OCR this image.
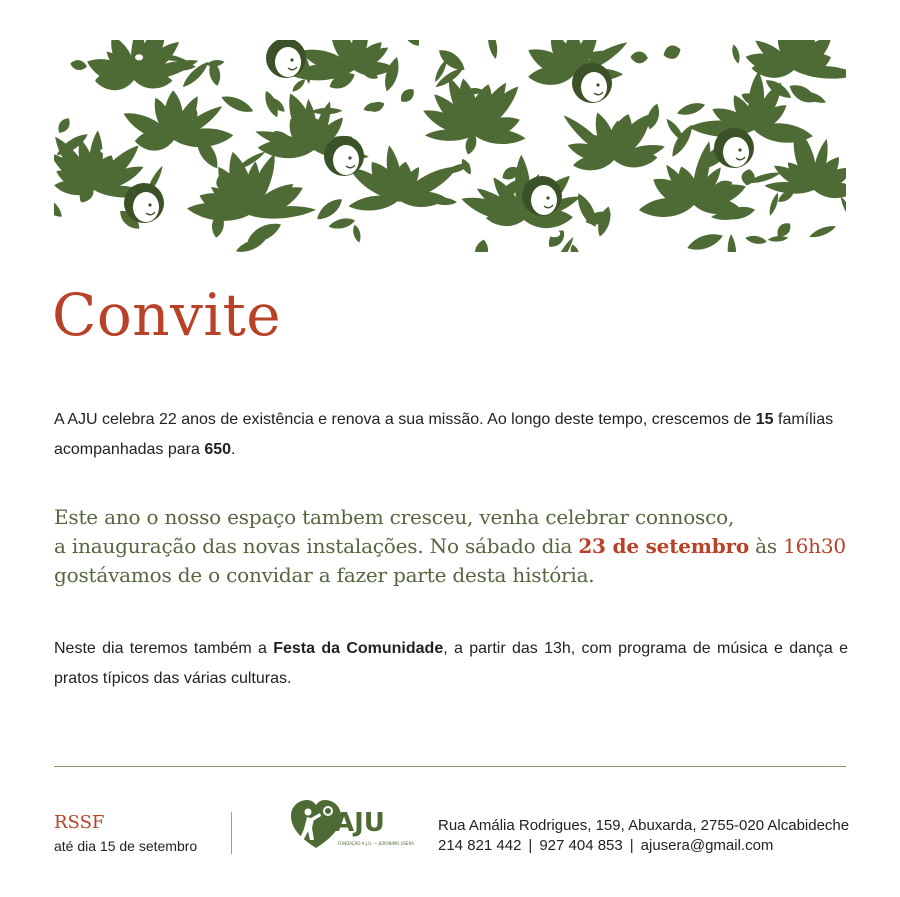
Convite

A AJU celebra 22 anos de existência e renova a sua missão. Ao longo deste tempo, crescemos de 15 famílias acompanhadas para 650.

Este ano o nosso espaço tambem cresceu, venha celebrar connosco,
a inauguração das novas instalações. No sábado dia 23 de setembro às 16h30
gostávamos de o convidar a fazer parte desta história.

Neste dia teremos também a Festa da Comunidade, a partir das 13h, com programa de música e dança e pratos típicos das várias culturas.

RSSF
até dia 15 de setembro
AJU
FUNDAÇÃO A.J.U. — JERÓNIMO USERA
Rua Amália Rodrigues, 159, Abuxarda, 2755-020 Alcabideche
214 821 442 | 927 404 853 | ajusera@gmail.com
